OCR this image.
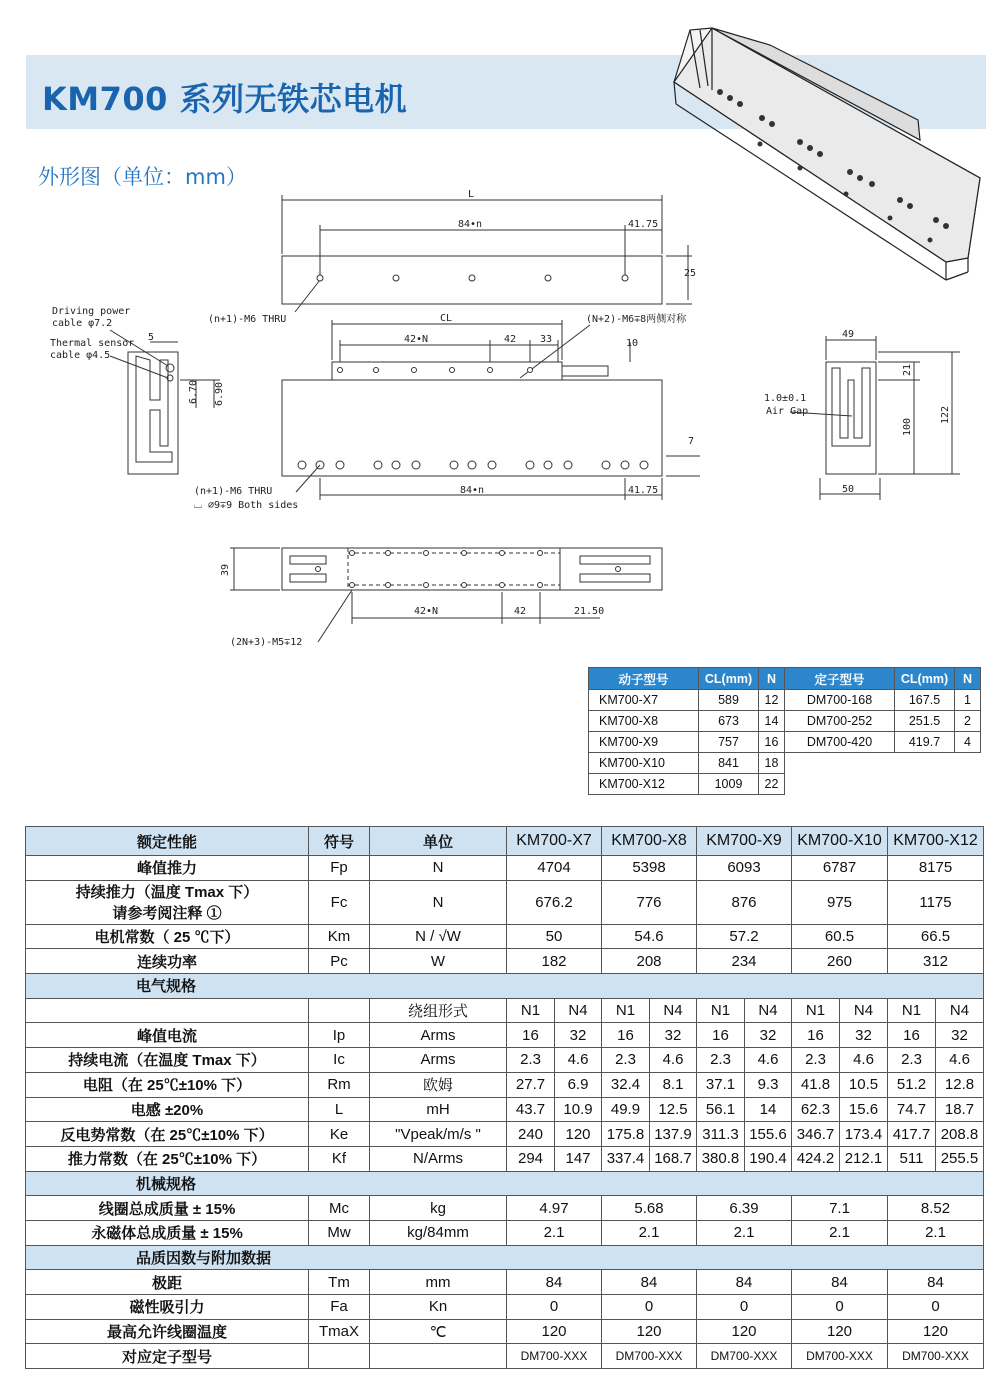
KM700 系列无铁芯电机
外形图（单位：mm）
L
84•n	41.75
25
(n+1)-M6 THRU	CL
42•N	42 33	10
(N+2)-M6∓8两侧对称
7
84•n	41.75
(n+1)-M6 THRU
⌴ ∅9∓9 Both sides
Driving power
cable φ7.2
Thermal sensor
cable φ4.5
5
6.70 6.90
49
50
21
100
122
1.0±0.1
Air Gap
39
42•N	42	21.50
(2N+3)-M5∓12
动子型号	CL(mm)	N	定子型号	CL(mm)	N
KM700-X7	589	12	DM700-168	167.5	1
KM700-X8	673	14	DM700-252	251.5	2
KM700-X9	757	16	DM700-420	419.7	4
KM700-X10	841	18			
KM700-X12	1009	22			
额定性能	符号	单位	KM700-X7		KM700-X8		KM700-X9		KM700-X10		KM700-X12	

峰值推力	Fp	N	4704		5398		6093		6787		8175	

持续推力（温度 Tmax 下）
请参考阅注释 ①	Fc	N	676.2		776		876		975		1175	

电机常数（ 25 ℃下）	Km	N / √W	50		54.6		57.2		60.5		66.5	

连续功率	Pc	W	182		208		234		260		312	
电气规格												
		绕组形式	N1	N4	N1	N4	N1	N4	N1	N4	N1	N4
峰值电流	Ip	Arms	16	32	16	32	16	32	16	32	16	32
持续电流（在温度 Tmax 下）	Ic	Arms	2.3	4.6	2.3	4.6	2.3	4.6	2.3	4.6	2.3	4.6
电阻（在 25℃±10% 下）	Rm	欧姆	27.7	6.9	32.4	8.1	37.1	9.3	41.8	10.5	51.2	12.8
电感 ±20%	L	mH	43.7	10.9	49.9	12.5	56.1	14	62.3	15.6	74.7	18.7
反电势常数（在 25℃±10% 下）	Ke	"Vpeak/m/s "	240	120	175.8	137.9	311.3	155.6	346.7	173.4	417.7	208.8
推力常数（在 25℃±10% 下）	Kf	N/Arms	294	147	337.4	168.7	380.8	190.4	424.2	212.1	511	255.5
机械规格												

线圈总成质量 ± 15%	Mc	kg	4.97		5.68		6.39		7.1		8.52	

永磁体总成质量 ± 15%	Mw	kg/84mm	2.1		2.1		2.1		2.1		2.1	
品质因数与附加数据												

极距	Tm	mm	84		84		84		84		84	

磁性吸引力	Fa	Kn	0		0		0		0		0	

最高允许线圈温度	TmaX	℃	120		120		120		120		120	

对应定子型号			DM700-XXX		DM700-XXX		DM700-XXX		DM700-XXX		DM700-XXX	
